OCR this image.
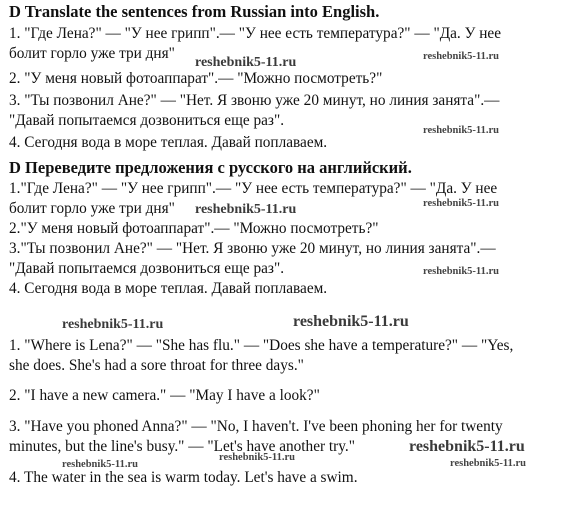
D Translate the sentences from Russian into English.
1. "Где Лена?" — "У нее грипп".— "У нее есть температура?" — "Да. У нее
болит горло уже три дня"
2. "У меня новый фотоаппарат".— "Можно посмотреть?"
3. "Ты позвонил Ане?" — "Нет. Я звоню уже 20 минут, но линия занята".—
"Давай попытаемся дозвониться еще раз".
4. Сегодня вода в море теплая. Давай поплаваем.
D Переведите предложения с русского на английский.
1."Где Лена?" — "У нее грипп".— "У нее есть температура?" — "Да. У нее
болит горло уже три дня"
2."У меня новый фотоаппарат".— "Можно посмотреть?"
3."Ты позвонил Ане?" — "Нет. Я звоню уже 20 минут, но линия занята".—
"Давай попытаемся дозвониться еще раз".
4. Сегодня вода в море теплая. Давай поплаваем.
1. "Where is Lena?" — "She has flu." — "Does she have a temperature?" — "Yes,
she does. She's had a sore throat for three days."
2. "I have a new camera." — "May I have a look?"
3. "Have you phoned Anna?" — "No, I haven't. I've been phoning her for twenty
minutes, but the line's busy." — "Let's have another try."
4. The water in the sea is warm today. Let's have a swim.
reshebnik5-11.ru	reshebnik5-11.ru
reshebnik5-11.ru
reshebnik5-11.ru
reshebnik5-11.ru
reshebnik5-11.ru
reshebnik5-11.ru	reshebnik5-11.ru
reshebnik5-11.ru
reshebnik5-11.ru
reshebnik5-11.ru
reshebnik5-11.ru
